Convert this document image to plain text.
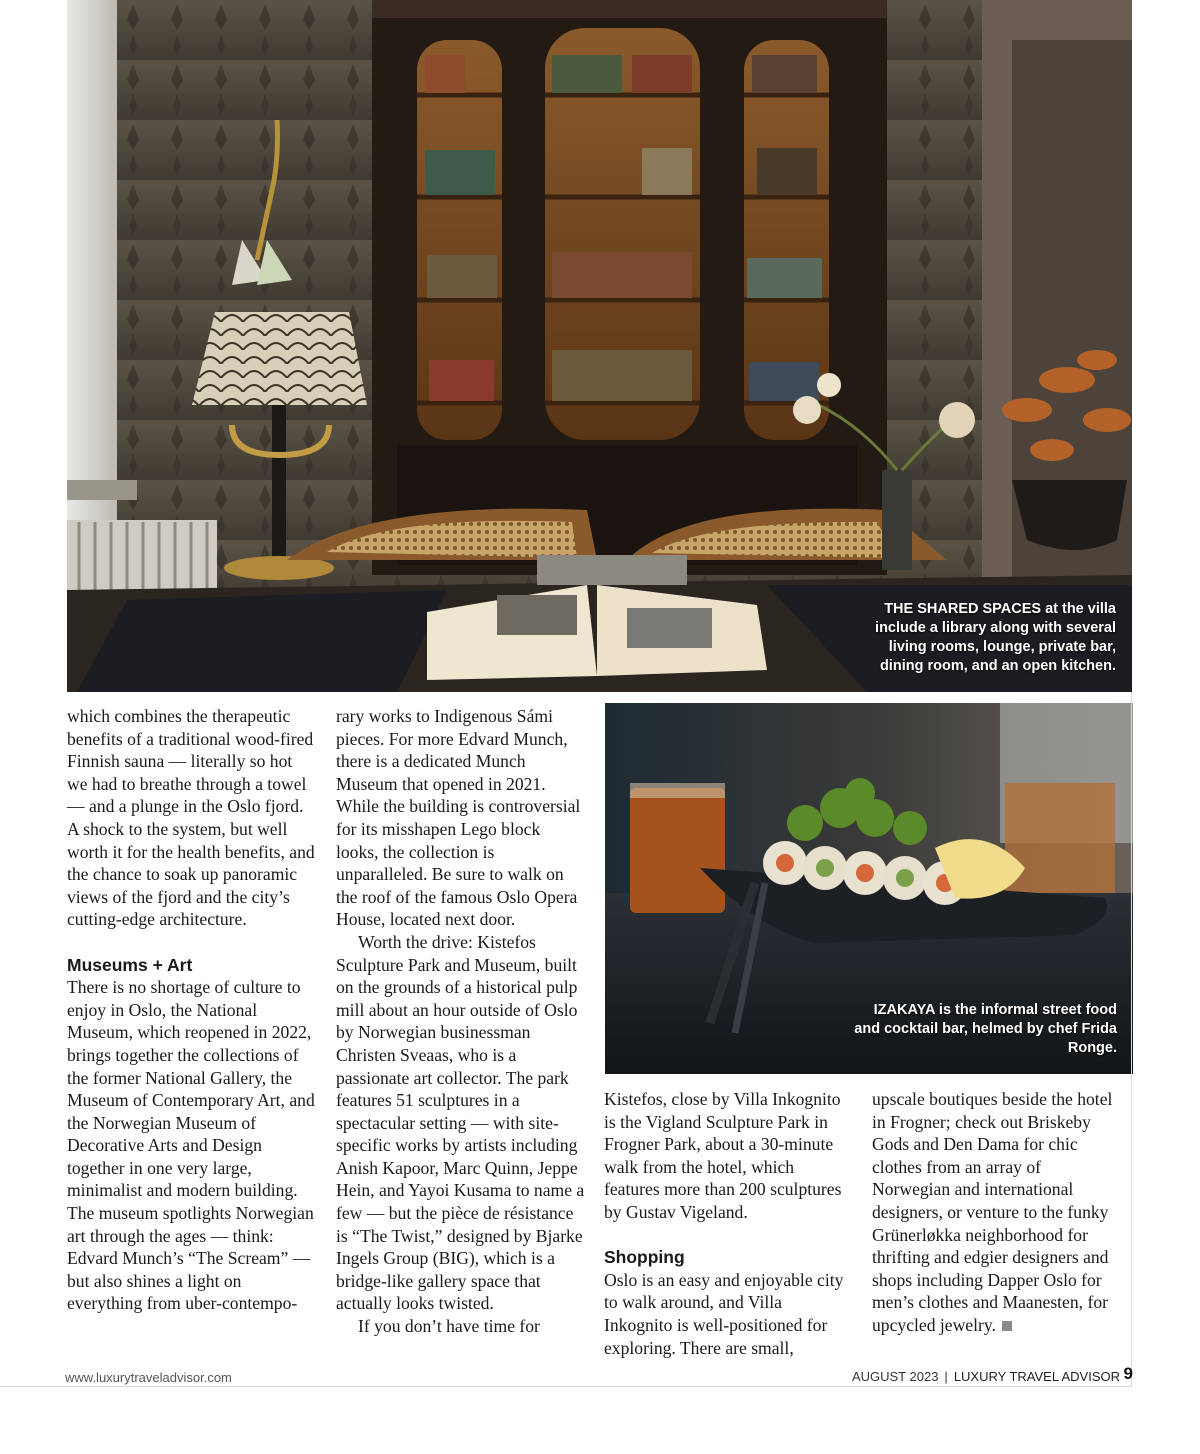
THE SHARED SPACES at the villa include a library along with several living rooms, lounge, private bar, dining room, and an open kitchen.
IZAKAYA is the informal street food and cocktail bar, helmed by chef Frida Ronge.

which combines the therapeutic benefits of a traditional wood-fired Finnish sauna — literally so hot we had to breathe through a towel — and a plunge in the Oslo fjord. A shock to the system, but well worth it for the health benefits, and the chance to soak up panoramic views of the fjord and the city’s cutting-edge architecture.

Museums + Art

There is no shortage of culture to enjoy in Oslo, the National Museum, which reopened in 2022, brings together the collections of the former National Gallery, the Museum of Contemporary Art, and the Norwegian Museum of Decorative Arts and Design together in one very large, minimalist and modern building. The museum spotlights Norwegian art through the ages — think: Edvard Munch’s “The Scream” — but also shines a light on everything from uber-contempo-

rary works to Indigenous Sámi pieces. For more Edvard Munch, there is a dedicated Munch Museum that opened in 2021. While the building is controversial for its misshapen Lego block looks, the collection is unparalleled. Be sure to walk on the roof of the famous Oslo Opera House, located next door.

Worth the drive: Kistefos Sculpture Park and Museum, built on the grounds of a historical pulp mill about an hour outside of Oslo by Norwegian businessman Christen Sveaas, who is a passionate art collector. The park features 51 sculptures in a spectacular setting — with site-specific works by artists including Anish Kapoor, Marc Quinn, Jeppe Hein, and Yayoi Kusama to name a few — but the pièce de résistance is “The Twist,” designed by Bjarke Ingels Group (BIG), which is a bridge-like gallery space that actually looks twisted.

If you don’t have time for

Kistefos, close by Villa Inkognito is the Vigland Sculpture Park in Frogner Park, about a 30-minute walk from the hotel, which features more than 200 sculptures by Gustav Vigeland.

Shopping

Oslo is an easy and enjoyable city to walk around, and Villa Inkognito is well-positioned for exploring. There are small,

upscale boutiques beside the hotel in Frogner; check out Briskeby Gods and Den Dama for chic clothes from an array of Norwegian and international designers, or venture to the funky Grünerløkka neighborhood for thrifting and edgier designers and shops including Dapper Oslo for men’s clothes and Maanesten, for upcycled jewelry.

www.luxurytraveladvisor.com	AUGUST 2023 | LUXURY TRAVEL ADVISOR 9
